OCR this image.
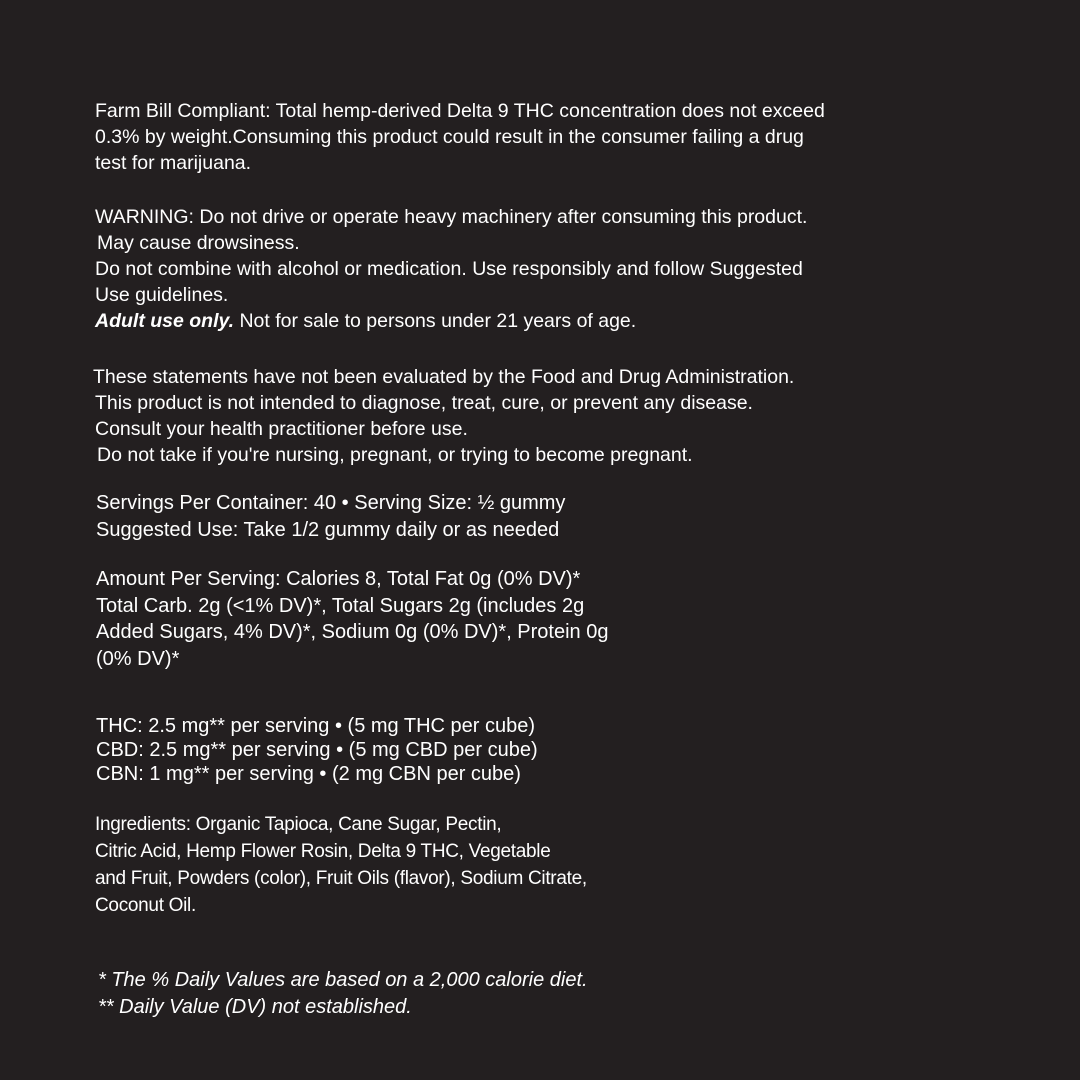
Farm Bill Compliant: Total hemp-derived Delta 9 THC concentration does not exceed
0.3% by weight.Consuming this product could result in the consumer failing a drug
test for marijuana.
WARNING: Do not drive or operate heavy machinery after consuming this product.
May cause drowsiness.
Do not combine with alcohol or medication. Use responsibly and follow Suggested
Use guidelines.
Adult use only. Not for sale to persons under 21 years of age.
These statements have not been evaluated by the Food and Drug Administration.
This product is not intended to diagnose, treat, cure, or prevent any disease.
Consult your health practitioner before use.
Do not take if you're nursing, pregnant, or trying to become pregnant.
Servings Per Container: 40 • Serving Size: ½ gummy
Suggested Use: Take 1/2 gummy daily or as needed
Amount Per Serving: Calories 8, Total Fat 0g (0% DV)*
Total Carb. 2g (<1% DV)*, Total Sugars 2g (includes 2g
Added Sugars, 4% DV)*, Sodium 0g (0% DV)*, Protein 0g
(0% DV)*
THC: 2.5 mg** per serving • (5 mg THC per cube)
CBD: 2.5 mg** per serving • (5 mg CBD per cube)
CBN: 1 mg** per serving • (2 mg CBN per cube)
Ingredients: Organic Tapioca, Cane Sugar, Pectin,
Citric Acid, Hemp Flower Rosin, Delta 9 THC, Vegetable
and Fruit, Powders (color), Fruit Oils (flavor), Sodium Citrate,
Coconut Oil.
* The % Daily Values are based on a 2,000 calorie diet.
** Daily Value (DV) not established.
